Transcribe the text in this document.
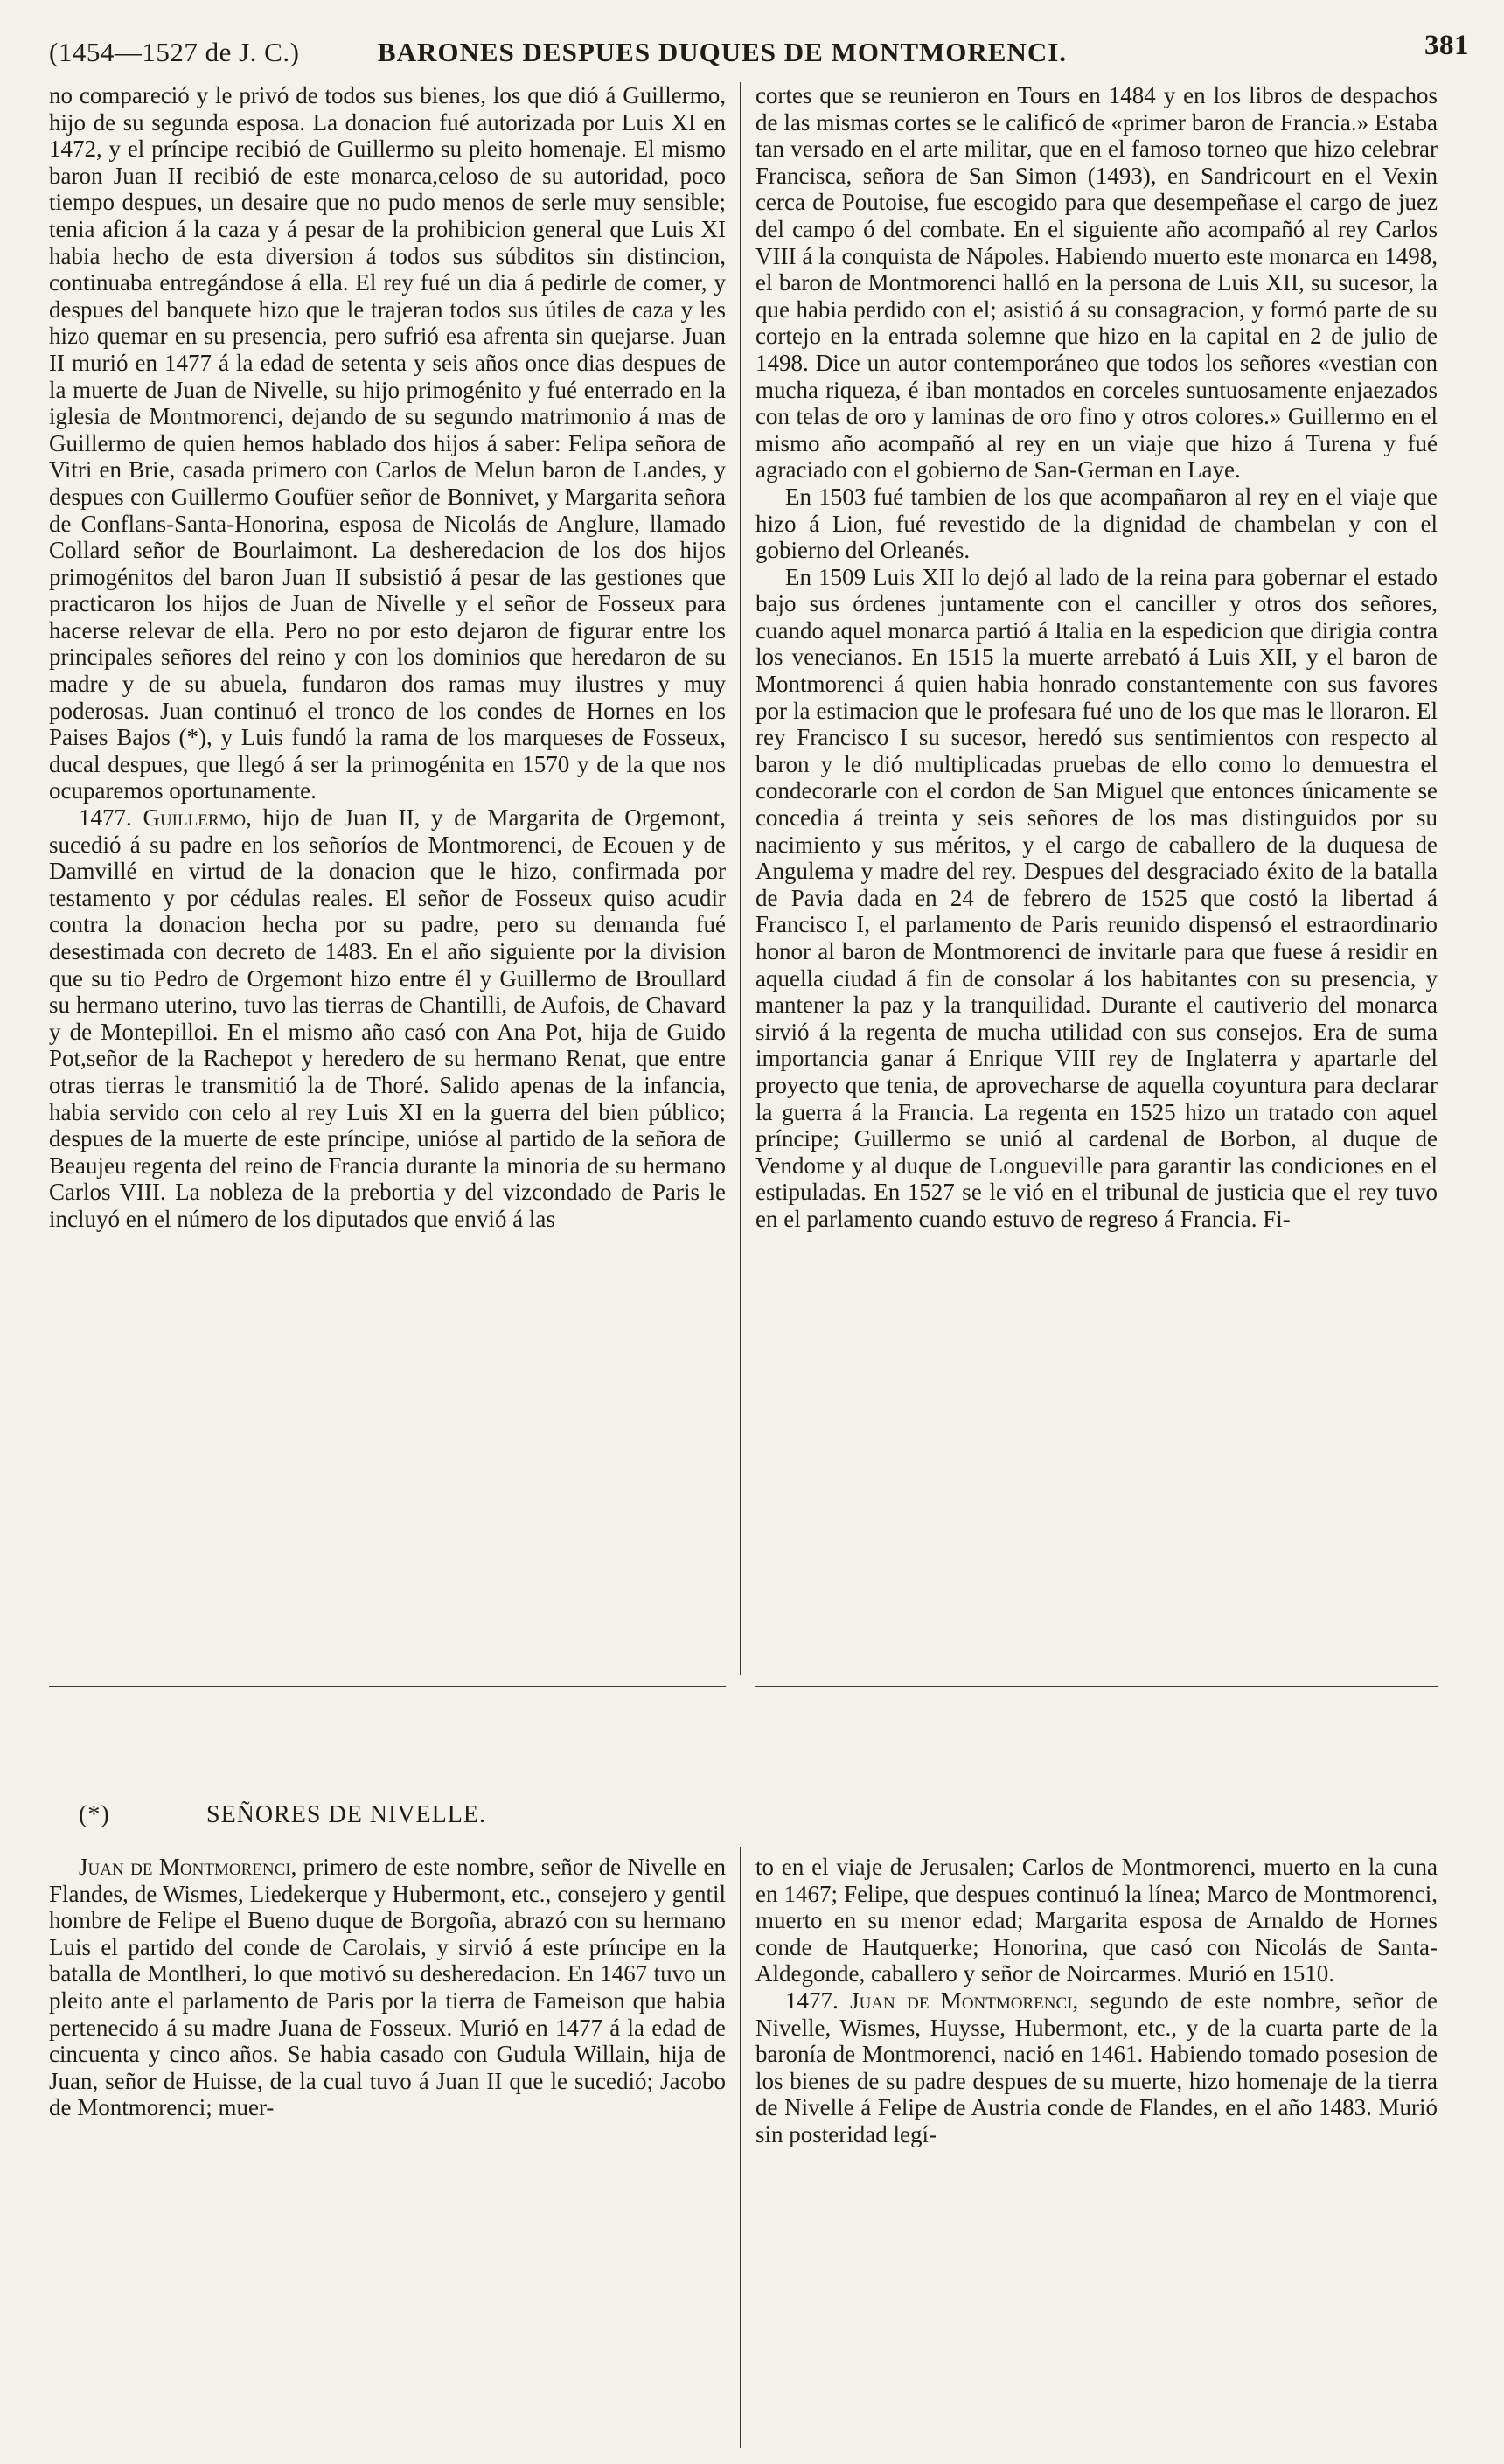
(1454—1527 de J. C.)	BARONES DESPUES DUQUES DE MONTMORENCI.	381

no compareció y le privó de todos sus bienes, los que dió á Guillermo, hijo de su segunda esposa. La donacion fué autorizada por Luis XI en 1472, y el príncipe recibió de Guillermo su pleito homenaje. El mismo baron Juan II recibió de este monarca,celoso de su autoridad, poco tiempo despues, un desaire que no pudo menos de serle muy sensible; tenia aficion á la caza y á pesar de la prohibicion general que Luis XI habia hecho de esta diversion á todos sus súbditos sin distincion, continuaba entregándose á ella. El rey fué un dia á pedirle de comer, y despues del banquete hizo que le trajeran todos sus útiles de caza y les hizo quemar en su presencia, pero sufrió esa afrenta sin quejarse. Juan II murió en 1477 á la edad de setenta y seis años once dias despues de la muerte de Juan de Nivelle, su hijo primogénito y fué enterrado en la iglesia de Montmorenci, dejando de su segundo matrimonio á mas de Guillermo de quien hemos hablado dos hijos á saber: Felipa señora de Vitri en Brie, casada primero con Carlos de Melun baron de Landes, y despues con Guillermo Goufüer señor de Bonnivet, y Margarita señora de Conflans-Santa-Honorina, esposa de Nicolás de Anglure, llamado Collard señor de Bourlaimont. La desheredacion de los dos hijos primogénitos del baron Juan II subsistió á pesar de las gestiones que practicaron los hijos de Juan de Nivelle y el señor de Fosseux para hacerse relevar de ella. Pero no por esto dejaron de figurar entre los principales señores del reino y con los dominios que heredaron de su madre y de su abuela, fundaron dos ramas muy ilustres y muy poderosas. Juan continuó el tronco de los condes de Hornes en los Paises Bajos (*), y Luis fundó la rama de los marqueses de Fosseux, ducal despues, que llegó á ser la primogénita en 1570 y de la que nos ocuparemos oportunamente.

1477. Guillermo, hijo de Juan II, y de Margarita de Orgemont, sucedió á su padre en los señoríos de Montmorenci, de Ecouen y de Damvillé en virtud de la donacion que le hizo, confirmada por testamento y por cédulas reales. El señor de Fosseux quiso acudir contra la donacion hecha por su padre, pero su demanda fué desestimada con decreto de 1483. En el año siguiente por la division que su tio Pedro de Orgemont hizo entre él y Guillermo de Broullard su hermano uterino, tuvo las tierras de Chantilli, de Aufois, de Chavard y de Montepilloi. En el mismo año casó con Ana Pot, hija de Guido Pot,señor de la Rachepot y heredero de su hermano Renat, que entre otras tierras le transmitió la de Thoré. Salido apenas de la infancia, habia servido con celo al rey Luis XI en la guerra del bien público; despues de la muerte de este príncipe, unióse al partido de la señora de Beaujeu regenta del reino de Francia durante la minoria de su hermano Carlos VIII. La nobleza de la prebortia y del vizcondado de Paris le incluyó en el número de los diputados que envió á las

cortes que se reunieron en Tours en 1484 y en los libros de despachos de las mismas cortes se le calificó de «primer baron de Francia.» Estaba tan versado en el arte militar, que en el famoso torneo que hizo celebrar Francisca, señora de San Simon (1493), en Sandricourt en el Vexin cerca de Poutoise, fue escogido para que desempeñase el cargo de juez del campo ó del combate. En el siguiente año acompañó al rey Carlos VIII á la conquista de Nápoles. Habiendo muerto este monarca en 1498, el baron de Montmorenci halló en la persona de Luis XII, su sucesor, la que habia perdido con el; asistió á su consagracion, y formó parte de su cortejo en la entrada solemne que hizo en la capital en 2 de julio de 1498. Dice un autor contemporáneo que todos los señores «vestian con mucha riqueza, é iban montados en corceles suntuosamente enjaezados con telas de oro y laminas de oro fino y otros colores.» Guillermo en el mismo año acompañó al rey en un viaje que hizo á Turena y fué agraciado con el gobierno de San-German en Laye.

En 1503 fué tambien de los que acompañaron al rey en el viaje que hizo á Lion, fué revestido de la dignidad de chambelan y con el gobierno del Orleanés.

En 1509 Luis XII lo dejó al lado de la reina para gobernar el estado bajo sus órdenes juntamente con el canciller y otros dos señores, cuando aquel monarca partió á Italia en la espedicion que dirigia contra los venecianos. En 1515 la muerte arrebató á Luis XII, y el baron de Montmorenci á quien habia honrado constantemente con sus favores por la estimacion que le profesara fué uno de los que mas le lloraron. El rey Francisco I su sucesor, heredó sus sentimientos con respecto al baron y le dió multiplicadas pruebas de ello como lo demuestra el condecorarle con el cordon de San Miguel que entonces únicamente se concedia á treinta y seis señores de los mas distinguidos por su nacimiento y sus méritos, y el cargo de caballero de la duquesa de Angulema y madre del rey. Despues del desgraciado éxito de la batalla de Pavia dada en 24 de febrero de 1525 que costó la libertad á Francisco I, el parlamento de Paris reunido dispensó el estraordinario honor al baron de Montmorenci de invitarle para que fuese á residir en aquella ciudad á fin de consolar á los habitantes con su presencia, y mantener la paz y la tranquilidad. Durante el cautiverio del monarca sirvió á la regenta de mucha utilidad con sus consejos. Era de suma importancia ganar á Enrique VIII rey de Inglaterra y apartarle del proyecto que tenia, de aprovecharse de aquella coyuntura para declarar la guerra á la Francia. La regenta en 1525 hizo un tratado con aquel príncipe; Guillermo se unió al cardenal de Borbon, al duque de Vendome y al duque de Longueville para garantir las condiciones en el estipuladas. En 1527 se le vió en el tribunal de justicia que el rey tuvo en el parlamento cuando estuvo de regreso á Francia. Fi-

(*)	SEÑORES DE NIVELLE.

Juan de Montmorenci, primero de este nombre, señor de Nivelle en Flandes, de Wismes, Liedekerque y Hubermont, etc., consejero y gentil hombre de Felipe el Bueno duque de Borgoña, abrazó con su hermano Luis el partido del conde de Carolais, y sirvió á este príncipe en la batalla de Montlheri, lo que motivó su desheredacion. En 1467 tuvo un pleito ante el parlamento de Paris por la tierra de Fameison que habia pertenecido á su madre Juana de Fosseux. Murió en 1477 á la edad de cincuenta y cinco años. Se habia casado con Gudula Willain, hija de Juan, señor de Huisse, de la cual tuvo á Juan II que le sucedió; Jacobo de Montmorenci; muer-

to en el viaje de Jerusalen; Carlos de Montmorenci, muerto en la cuna en 1467; Felipe, que despues continuó la línea; Marco de Montmorenci, muerto en su menor edad; Margarita esposa de Arnaldo de Hornes conde de Hautquerke; Honorina, que casó con Nicolás de Santa-Aldegonde, caballero y señor de Noircarmes. Murió en 1510.

1477. Juan de Montmorenci, segundo de este nombre, señor de Nivelle, Wismes, Huysse, Hubermont, etc., y de la cuarta parte de la baronía de Montmorenci, nació en 1461. Habiendo tomado posesion de los bienes de su padre despues de su muerte, hizo homenaje de la tierra de Nivelle á Felipe de Austria conde de Flandes, en el año 1483. Murió sin posteridad legí-
